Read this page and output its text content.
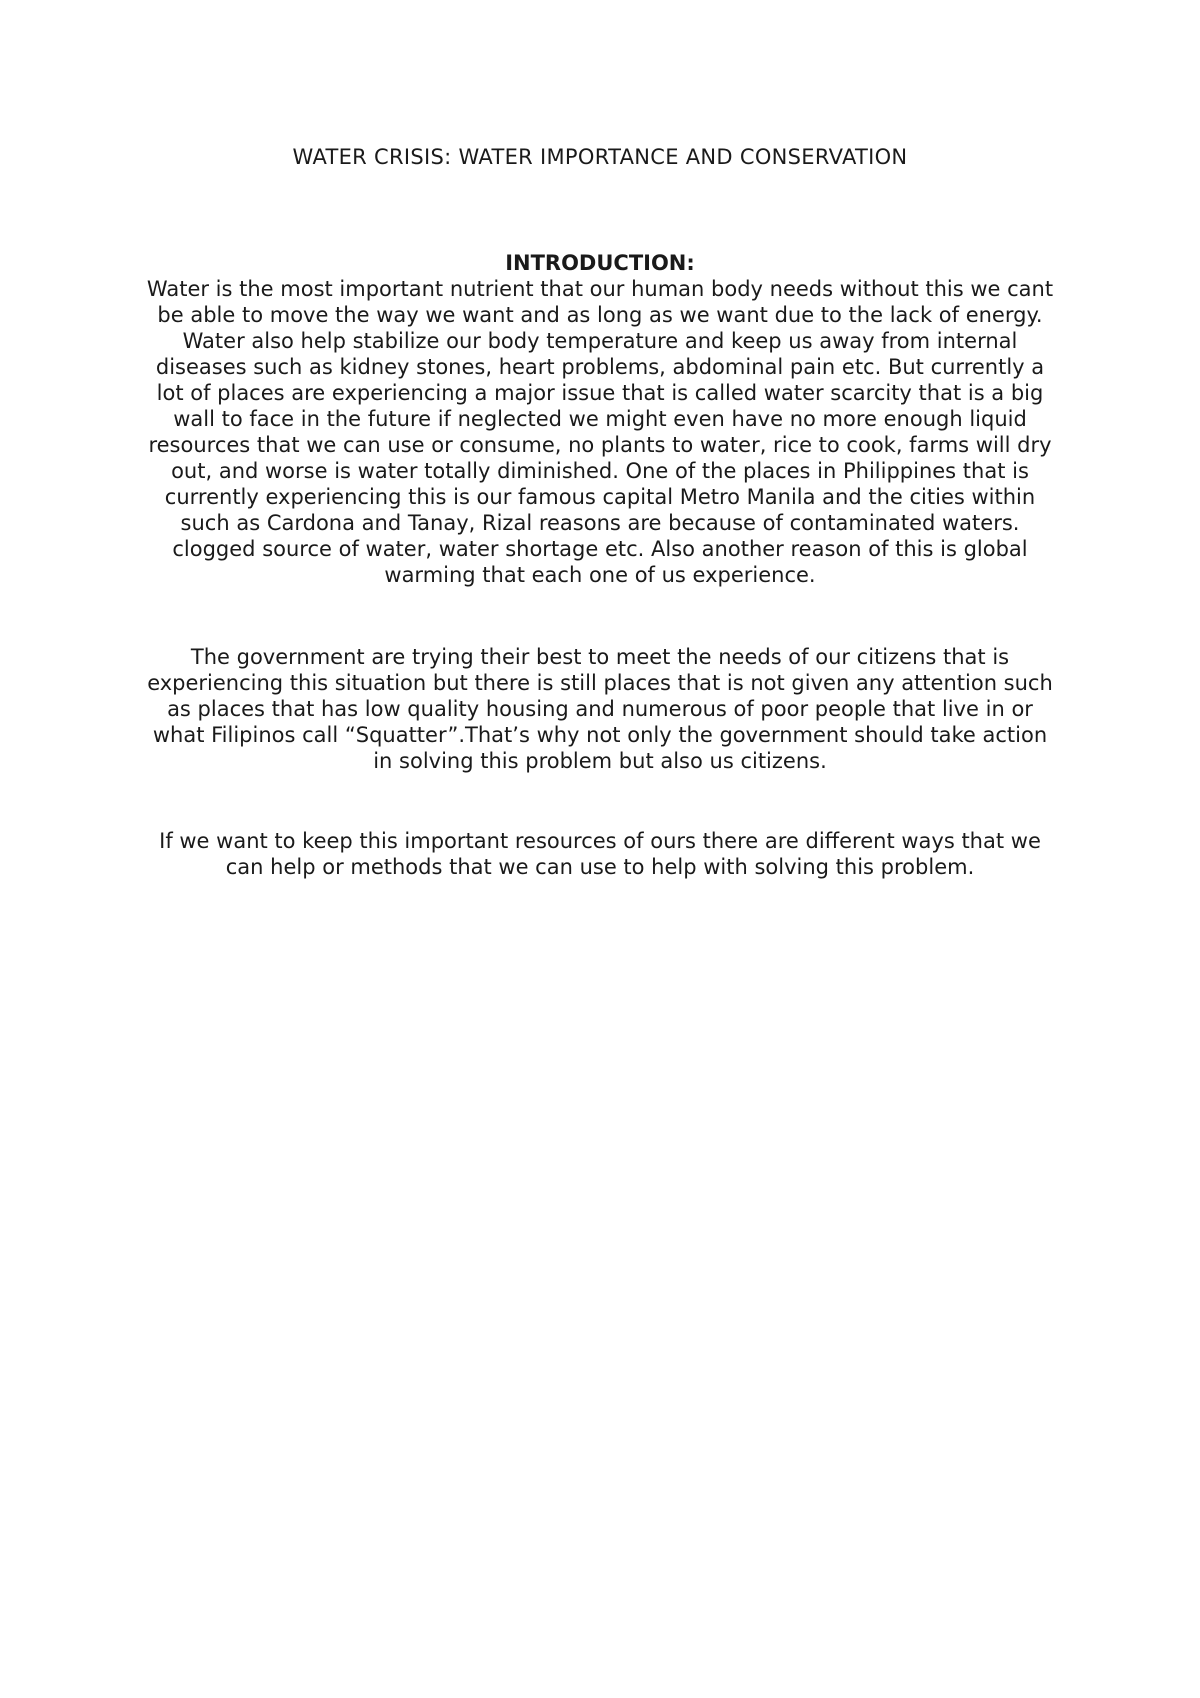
WATER CRISIS: WATER IMPORTANCE AND CONSERVATION

INTRODUCTION:

Water is the most important nutrient that our human body needs without this we cant be able to move the way we want and as long as we want due to the lack of energy. Water also help stabilize our body temperature and keep us away from internal diseases such as kidney stones, heart problems, abdominal pain etc. But currently a lot of places are experiencing a major issue that is called water scarcity that is a big wall to face in the future if neglected we might even have no more enough liquid resources that we can use or consume, no plants to water, rice to cook, farms will dry out, and worse is water totally diminished. One of the places in Philippines that is currently experiencing this is our famous capital Metro Manila and the cities within such as Cardona and Tanay, Rizal reasons are because of contaminated waters. clogged source of water, water shortage etc. Also another reason of this is global warming that each one of us experience.

The government are trying their best to meet the needs of our citizens that is experiencing this situation but there is still places that is not given any attention such as places that has low quality housing and numerous of poor people that live in or what Filipinos call “Squatter”.That’s why not only the government should take action in solving this problem but also us citizens.

If we want to keep this important resources of ours there are different ways that we can help or methods that we can use to help with solving this problem.
